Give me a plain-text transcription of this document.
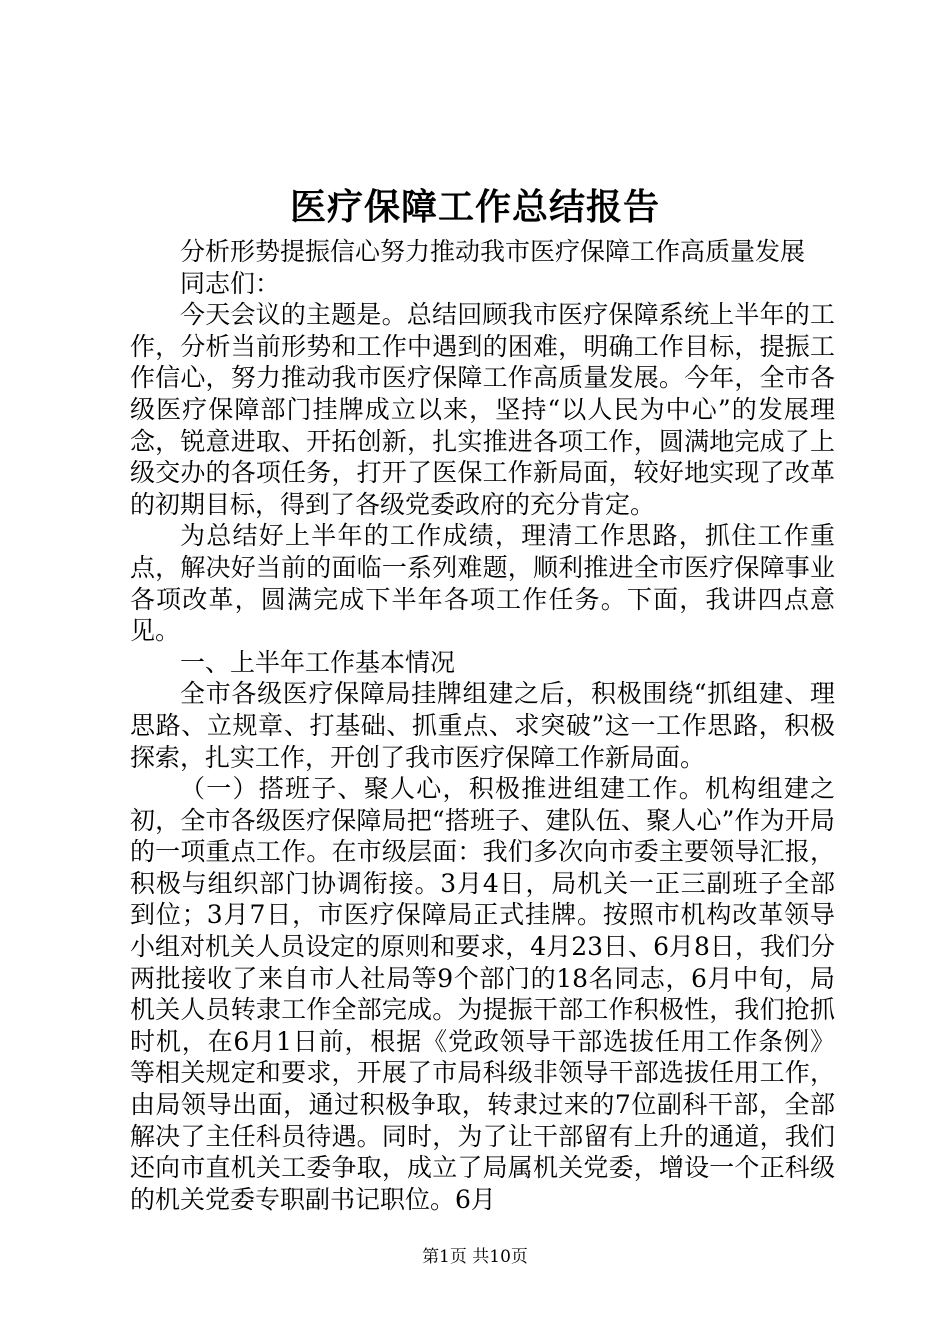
医疗保障工作总结报告

分析形势提振信心努力推动我市医疗保障工作高质量发展

同志们：

今天会议的主题是。总结回顾我市医疗保障系统上半年的工作，分析当前形势和工作中遇到的困难，明确工作目标，提振工作信心，努力推动我市医疗保障工作高质量发展。今年，全市各级医疗保障部门挂牌成立以来，坚持“以人民为中心”的发展理念，锐意进取、开拓创新，扎实推进各项工作，圆满地完成了上级交办的各项任务，打开了医保工作新局面，较好地实现了改革的初期目标，得到了各级党委政府的充分肯定。

为总结好上半年的工作成绩，理清工作思路，抓住工作重点，解决好当前的面临一系列难题，顺利推进全市医疗保障事业各项改革，圆满完成下半年各项工作任务。下面，我讲四点意见。

一、上半年工作基本情况

全市各级医疗保障局挂牌组建之后，积极围绕“抓组建、理思路、立规章、打基础、抓重点、求突破”这一工作思路，积极探索，扎实工作，开创了我市医疗保障工作新局面。

（一）搭班子、聚人心，积极推进组建工作。机构组建之初，全市各级医疗保障局把“搭班子、建队伍、聚人心”作为开局的一项重点工作。在市级层面：我们多次向市委主要领导汇报，积极与组织部门协调衔接。3月4日，局机关一正三副班子全部到位；3月7日，市医疗保障局正式挂牌。按照市机构改革领导小组对机关人员设定的原则和要求，4月23日、6月8日，我们分两批接收了来自市人社局等9个部门的18名同志，6月中旬，局机关人员转隶工作全部完成。为提振干部工作积极性，我们抢抓时机，在6月1日前，根据《党政领导干部选拔任用工作条例》等相关规定和要求，开展了市局科级非领导干部选拔任用工作，由局领导出面，通过积极争取，转隶过来的7位副科干部，全部解决了主任科员待遇。同时，为了让干部留有上升的通道，我们还向市直机关工委争取，成立了局属机关党委，增设一个正科级的机关党委专职副书记职位。6月

第1页 共10页
